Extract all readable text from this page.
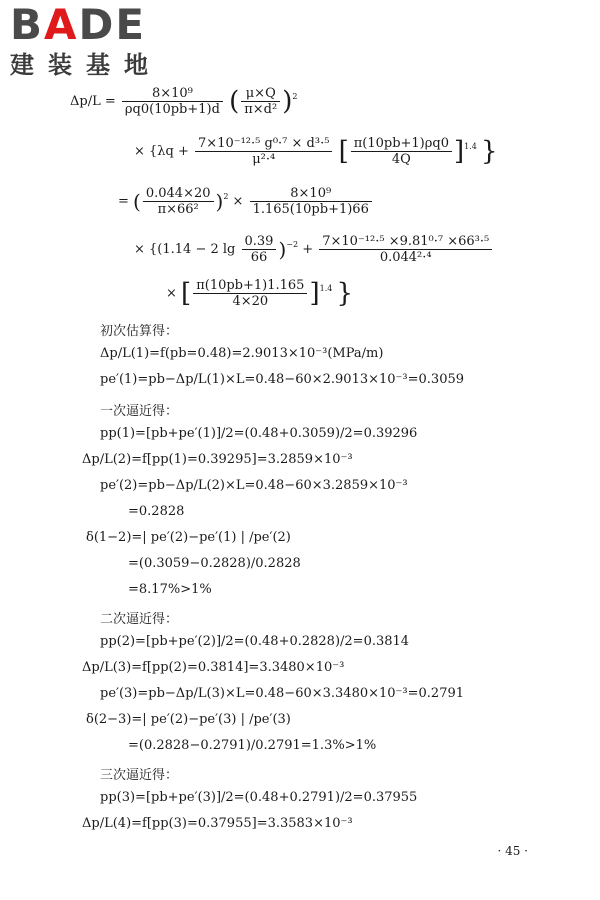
BADE
建装基地
$\Delta p/L = \frac{\text{8×10⁹}}{\rho q0(10pb+1)d}$ ( $\frac{\mu\times Q}{\text{π×d²}} )^2$
× {$\lambda q + \frac{\text{7×10⁻¹²·⁵ g⁰·⁷ × d³·⁵}}{\text{μ²·⁴}}$ [ $\frac{\pi(10pb+1)\rho q0}{4Q} ]^{1.4}$ }
= ( $\frac{0.044\times 20}{\text{π×66²}} )^2 \times \frac{\text{8×10⁹}}{1.165(10pb+1)66}$
× {(1.14 − 2 $\lg \frac{0.39}{66} )^{-2} + \frac{\text{7×10⁻¹²·⁵ ×9.81⁰·⁷ ×66³·⁵}}{\text{0.044²·⁴}}$
× [ $\frac{\pi(10pb+1)1.165}{4\times 20} ]^{1.4}$ }
初次估算得：
Δp/L(1)=f(pb=0.48)=2.9013×10⁻³(MPa/m)
pe′(1)=pb−Δp/L(1)×L=0.48−60×2.9013×10⁻³=0.3059
一次逼近得：
pp(1)=[pb+pe′(1)]/2=(0.48+0.3059)/2=0.39296
Δp/L(2)=f[pp(1)=0.39295]=3.2859×10⁻³
pe′(2)=pb−Δp/L(2)×L=0.48−60×3.2859×10⁻³
=0.2828
δ(1−2)=| pe′(2)−pe′(1) | /pe′(2)
=(0.3059−0.2828)/0.2828
=8.17%>1%
二次逼近得：
pp(2)=[pb+pe′(2)]/2=(0.48+0.2828)/2=0.3814
Δp/L(3)=f[pp(2)=0.3814]=3.3480×10⁻³
pe′(3)=pb−Δp/L(3)×L=0.48−60×3.3480×10⁻³=0.2791
δ(2−3)=| pe′(2)−pe′(3) | /pe′(3)
=(0.2828−0.2791)/0.2791=1.3%>1%
三次逼近得：
pp(3)=[pb+pe′(3)]/2=(0.48+0.2791)/2=0.37955
Δp/L(4)=f[pp(3)=0.37955]=3.3583×10⁻³
· 45 ·
